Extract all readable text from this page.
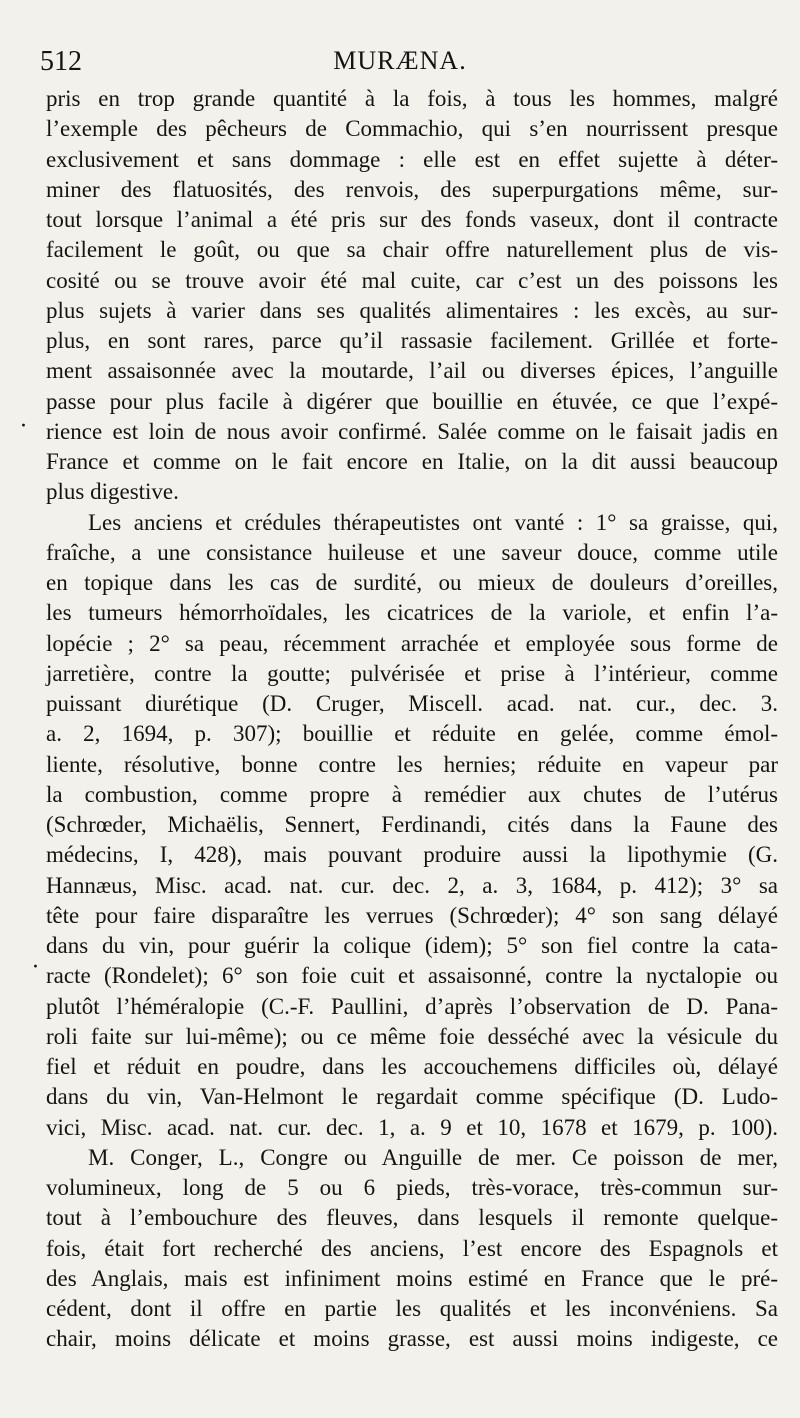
512	MURÆNA.
·
·
pris en trop grande quantité à la fois, à tous les hommes, malgré
l’exemple des pêcheurs de Commachio, qui s’en nourrissent presque
exclusivement et sans dommage : elle est en effet sujette à déter-
miner des flatuosités, des renvois, des superpurgations même, sur-
tout lorsque l’animal a été pris sur des fonds vaseux, dont il contracte
facilement le goût, ou que sa chair offre naturellement plus de vis-
cosité ou se trouve avoir été mal cuite, car c’est un des poissons les
plus sujets à varier dans ses qualités alimentaires : les excès, au sur-
plus, en sont rares, parce qu’il rassasie facilement. Grillée et forte-
ment assaisonnée avec la moutarde, l’ail ou diverses épices, l’anguille
passe pour plus facile à digérer que bouillie en étuvée, ce que l’expé-
rience est loin de nous avoir confirmé. Salée comme on le faisait jadis en
France et comme on le fait encore en Italie, on la dit aussi beaucoup
plus digestive.
Les anciens et crédules thérapeutistes ont vanté : 1° sa graisse, qui,
fraîche, a une consistance huileuse et une saveur douce, comme utile
en topique dans les cas de surdité, ou mieux de douleurs d’oreilles,
les tumeurs hémorrhoïdales, les cicatrices de la variole, et enfin l’a-
lopécie ; 2° sa peau, récemment arrachée et employée sous forme de
jarretière, contre la goutte; pulvérisée et prise à l’intérieur, comme
puissant diurétique (D. Cruger, Miscell. acad. nat. cur., dec. 3.
a. 2, 1694, p. 307); bouillie et réduite en gelée, comme émol-
liente, résolutive, bonne contre les hernies; réduite en vapeur par
la combustion, comme propre à remédier aux chutes de l’utérus
(Schrœder, Michaëlis, Sennert, Ferdinandi, cités dans la Faune des
médecins, I, 428), mais pouvant produire aussi la lipothymie (G.
Hannæus, Misc. acad. nat. cur. dec. 2, a. 3, 1684, p. 412); 3° sa
tête pour faire disparaître les verrues (Schrœder); 4° son sang délayé
dans du vin, pour guérir la colique (idem); 5° son fiel contre la cata-
racte (Rondelet); 6° son foie cuit et assaisonné, contre la nyctalopie ou
plutôt l’héméralopie (C.-F. Paullini, d’après l’observation de D. Pana-
roli faite sur lui-même); ou ce même foie desséché avec la vésicule du
fiel et réduit en poudre, dans les accouchemens difficiles où, délayé
dans du vin, Van-Helmont le regardait comme spécifique (D. Ludo-
vici, Misc. acad. nat. cur. dec. 1, a. 9 et 10, 1678 et 1679, p. 100).
M. Conger, L., Congre ou Anguille de mer. Ce poisson de mer,
volumineux, long de 5 ou 6 pieds, très-vorace, très-commun sur-
tout à l’embouchure des fleuves, dans lesquels il remonte quelque-
fois, était fort recherché des anciens, l’est encore des Espagnols et
des Anglais, mais est infiniment moins estimé en France que le pré-
cédent, dont il offre en partie les qualités et les inconvéniens. Sa
chair, moins délicate et moins grasse, est aussi moins indigeste, ce
